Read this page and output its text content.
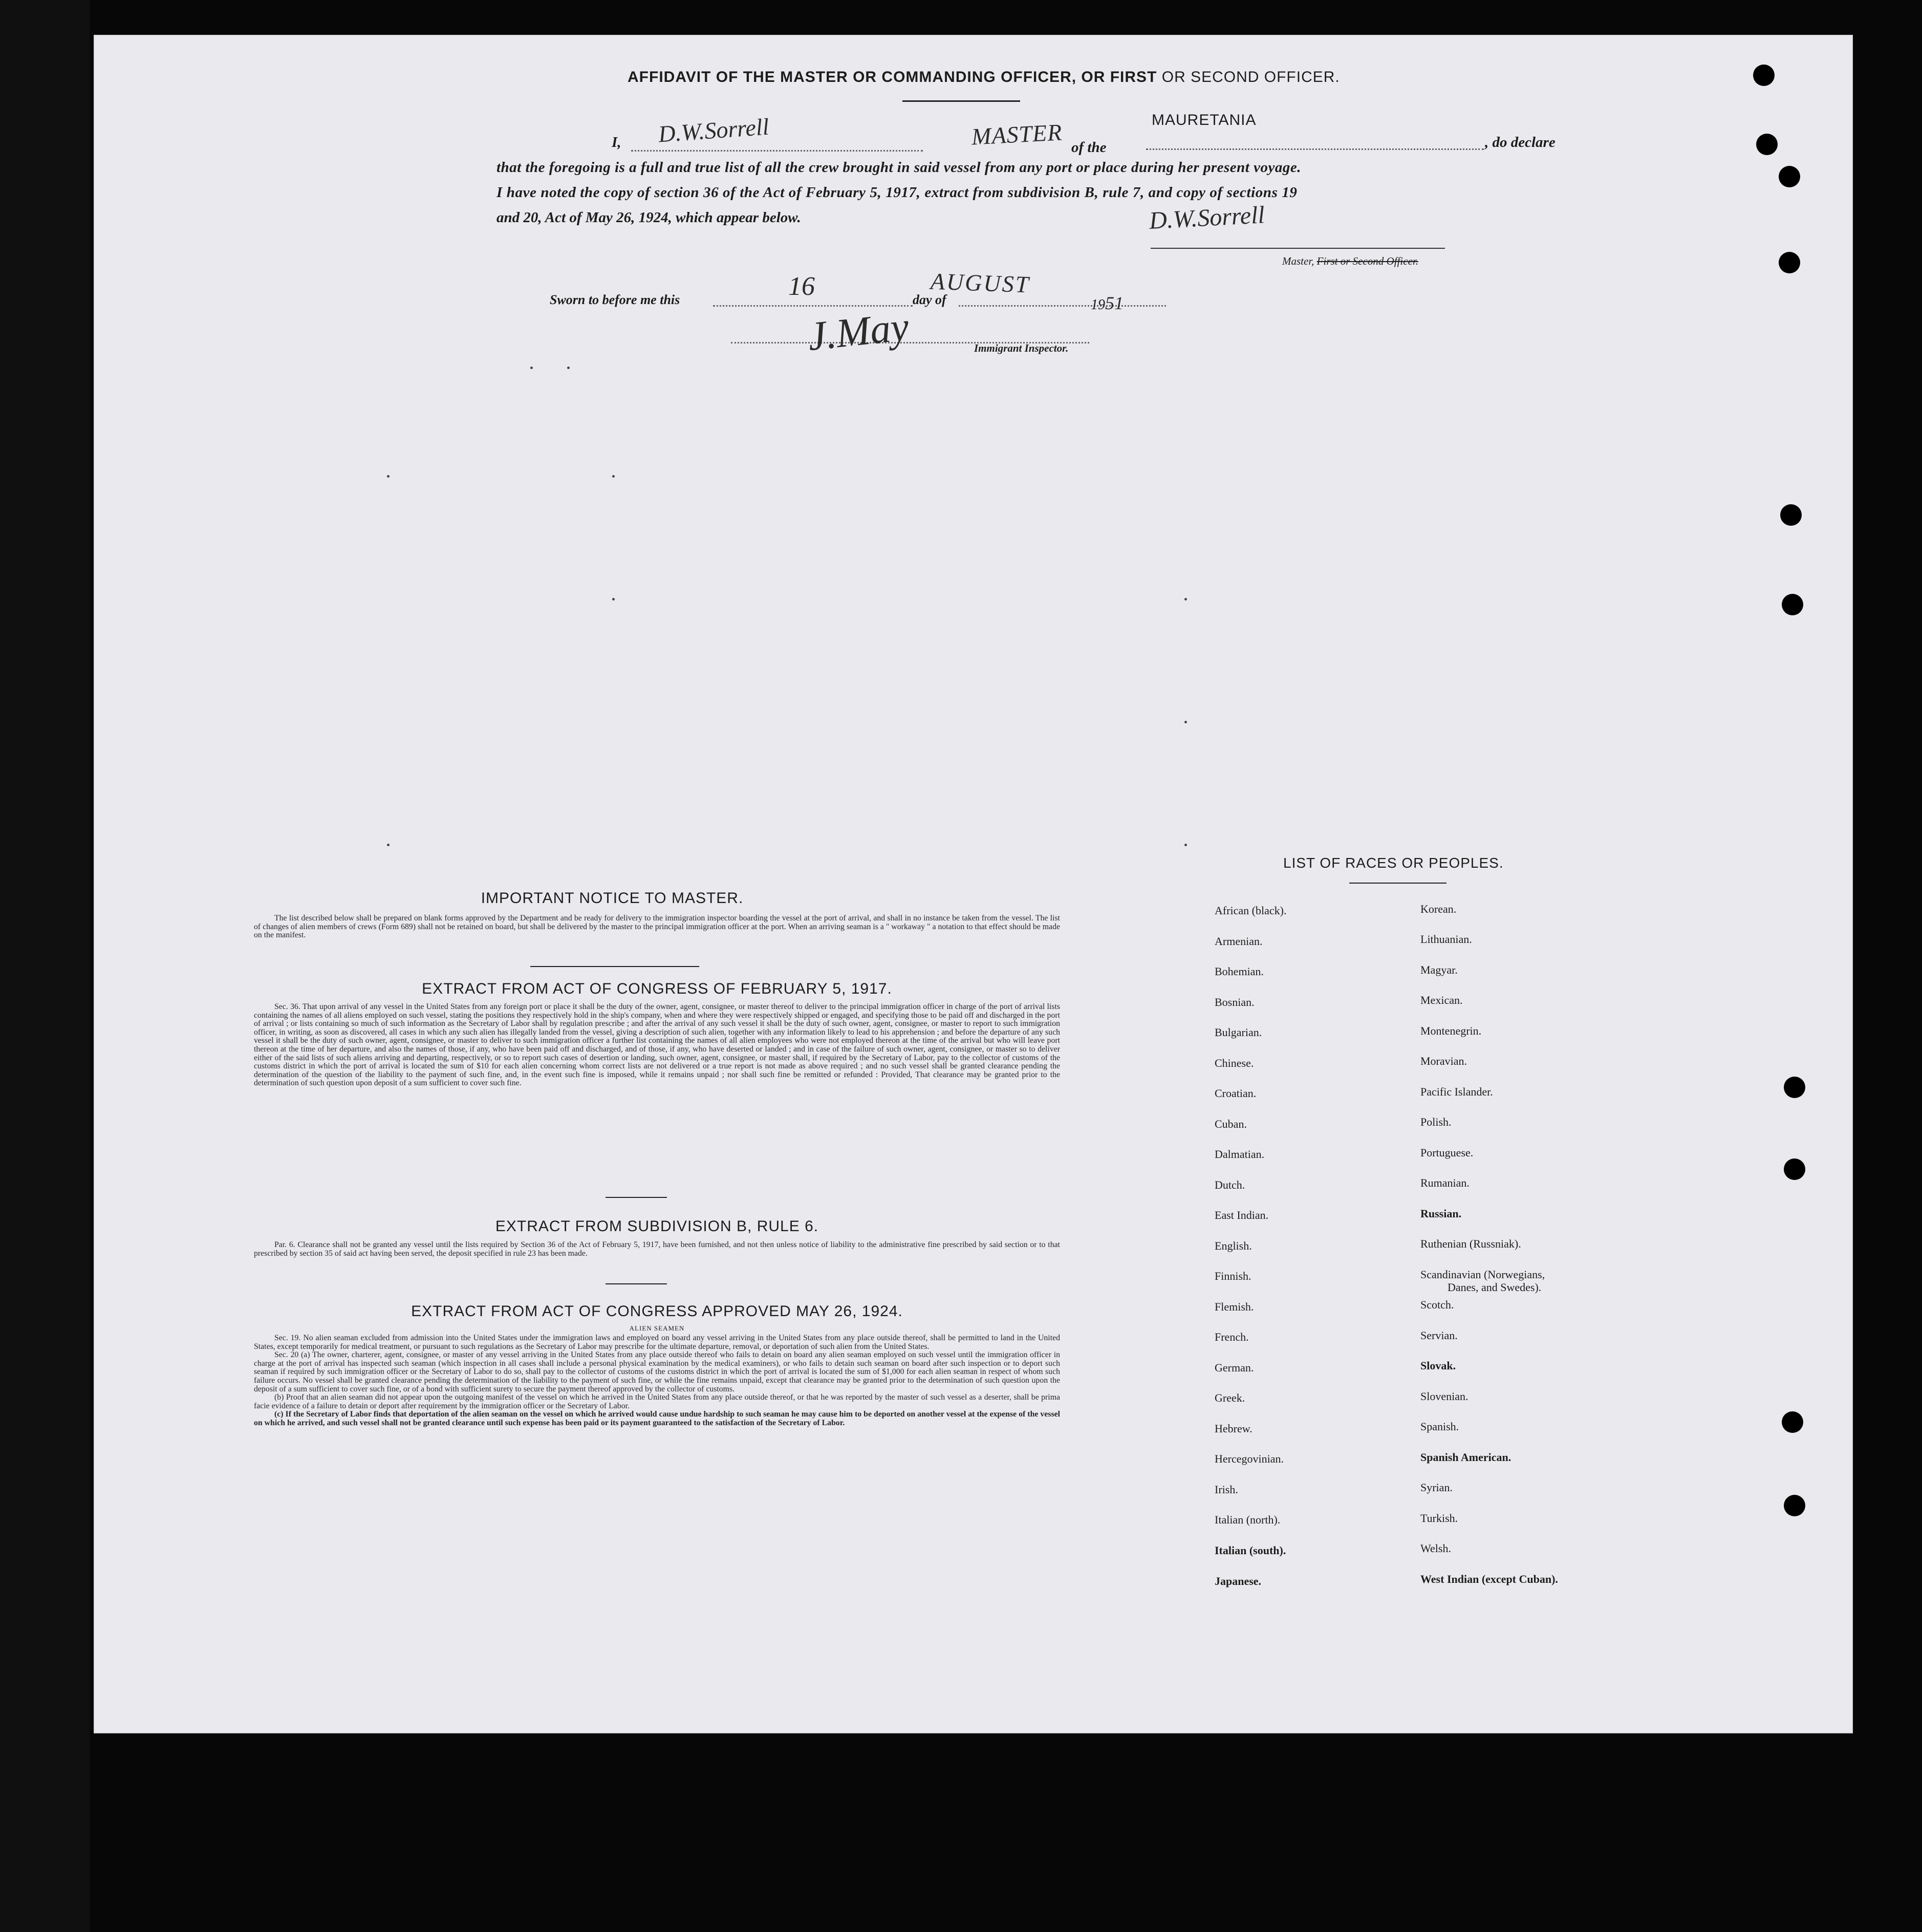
AFFIDAVIT OF THE MASTER OR COMMANDING OFFICER, OR FIRST OR SECOND OFFICER.
I, D.W.Sorrell	MASTER of the
MAURETANIA
, do declare
that the foregoing is a full and true list of all the crew brought in said vessel from any port or place during her present voyage.
I have noted the copy of section 36 of the Act of February 5, 1917, extract from subdivision B, rule 7, and copy of sections 19
and 20, Act of May 26, 1924, which appear below.	D.W.Sorrell
Master, First or Second Officer.
Sworn to before me this	16	day of
AUGUST
1951
J.May	Immigrant Inspector.
IMPORTANT NOTICE TO MASTER.

The list described below shall be prepared on blank forms approved by the Department and be ready for delivery to the immigration inspector boarding the vessel at the port of arrival, and shall in no instance be taken from the vessel. The list of changes of alien members of crews (Form 689) shall not be retained on board, but shall be delivered by the master to the principal immigration officer at the port. When an arriving seaman is a " workaway " a notation to that effect should be made on the manifest.

EXTRACT FROM ACT OF CONGRESS OF FEBRUARY 5, 1917.

Sec. 36. That upon arrival of any vessel in the United States from any foreign port or place it shall be the duty of the owner, agent, consignee, or master thereof to deliver to the principal immigration officer in charge of the port of arrival lists containing the names of all aliens employed on such vessel, stating the positions they respectively hold in the ship's company, when and where they were respectively shipped or engaged, and specifying those to be paid off and discharged in the port of arrival ; or lists containing so much of such information as the Secretary of Labor shall by regulation prescribe ; and after the arrival of any such vessel it shall be the duty of such owner, agent, consignee, or master to report to such immigration officer, in writing, as soon as discovered, all cases in which any such alien has illegally landed from the vessel, giving a description of such alien, together with any information likely to lead to his apprehension ; and before the departure of any such vessel it shall be the duty of such owner, agent, consignee, or master to deliver to such immigration officer a further list containing the names of all alien employees who were not employed thereon at the time of the arrival but who will leave port thereon at the time of her departure, and also the names of those, if any, who have been paid off and discharged, and of those, if any, who have deserted or landed ; and in case of the failure of such owner, agent, consignee, or master so to deliver either of the said lists of such aliens arriving and departing, respectively, or so to report such cases of desertion or landing, such owner, agent, consignee, or master shall, if required by the Secretary of Labor, pay to the collector of customs of the customs district in which the port of arrival is located the sum of $10 for each alien concerning whom correct lists are not delivered or a true report is not made as above required ; and no such vessel shall be granted clearance pending the determination of the question of the liability to the payment of such fine, and, in the event such fine is imposed, while it remains unpaid ; nor shall such fine be remitted or refunded : Provided, That clearance may be granted prior to the determination of such question upon deposit of a sum sufficient to cover such fine.

EXTRACT FROM SUBDIVISION B, RULE 6.

Par. 6. Clearance shall not be granted any vessel until the lists required by Section 36 of the Act of February 5, 1917, have been furnished, and not then unless notice of liability to the administrative fine prescribed by said section or to that prescribed by section 35 of said act having been served, the deposit specified in rule 23 has been made.

EXTRACT FROM ACT OF CONGRESS APPROVED MAY 26, 1924.
ALIEN SEAMEN

Sec. 19. No alien seaman excluded from admission into the United States under the immigration laws and employed on board any vessel arriving in the United States from any place outside thereof, shall be permitted to land in the United States, except temporarily for medical treatment, or pursuant to such regulations as the Secretary of Labor may prescribe for the ultimate departure, removal, or deportation of such alien from the United States.

Sec. 20 (a) The owner, charterer, agent, consignee, or master of any vessel arriving in the United States from any place outside thereof who fails to detain on board any alien seaman employed on such vessel until the immigration officer in charge at the port of arrival has inspected such seaman (which inspection in all cases shall include a personal physical examination by the medical examiners), or who fails to detain such seaman on board after such inspection or to deport such seaman if required by such immigration officer or the Secretary of Labor to do so, shall pay to the collector of customs of the customs district in which the port of arrival is located the sum of $1,000 for each alien seaman in respect of whom such failure occurs. No vessel shall be granted clearance pending the determination of the liability to the payment of such fine, or while the fine remains unpaid, except that clearance may be granted prior to the determination of such question upon the deposit of a sum sufficient to cover such fine, or of a bond with sufficient surety to secure the payment thereof approved by the collector of customs.

(b) Proof that an alien seaman did not appear upon the outgoing manifest of the vessel on which he arrived in the United States from any place outside thereof, or that he was reported by the master of such vessel as a deserter, shall be prima facie evidence of a failure to detain or deport after requirement by the immigration officer or the Secretary of Labor.

(c) If the Secretary of Labor finds that deportation of the alien seaman on the vessel on which he arrived would cause undue hardship to such seaman he may cause him to be deported on another vessel at the expense of the vessel on which he arrived, and such vessel shall not be granted clearance until such expense has been paid or its payment guaranteed to the satisfaction of the Secretary of Labor.

LIST OF RACES OR PEOPLES.
African (black).
Armenian.
Bohemian.
Bosnian.
Bulgarian.
Chinese.
Croatian.
Cuban.
Dalmatian.
Dutch.
East Indian.
English.
Finnish.
Flemish.
French.
German.
Greek.
Hebrew.
Hercegovinian.
Irish.
Italian (north).
Italian (south).
Japanese.
Korean.
Lithuanian.
Magyar.
Mexican.
Montenegrin.
Moravian.
Pacific Islander.
Polish.
Portuguese.
Rumanian.
Russian.
Ruthenian (Russniak).
Scandinavian (Norwegians,
Danes, and Swedes).
Scotch.
Servian.
Slovak.
Slovenian.
Spanish.
Spanish American.
Syrian.
Turkish.
Welsh.
West Indian (except Cuban).
